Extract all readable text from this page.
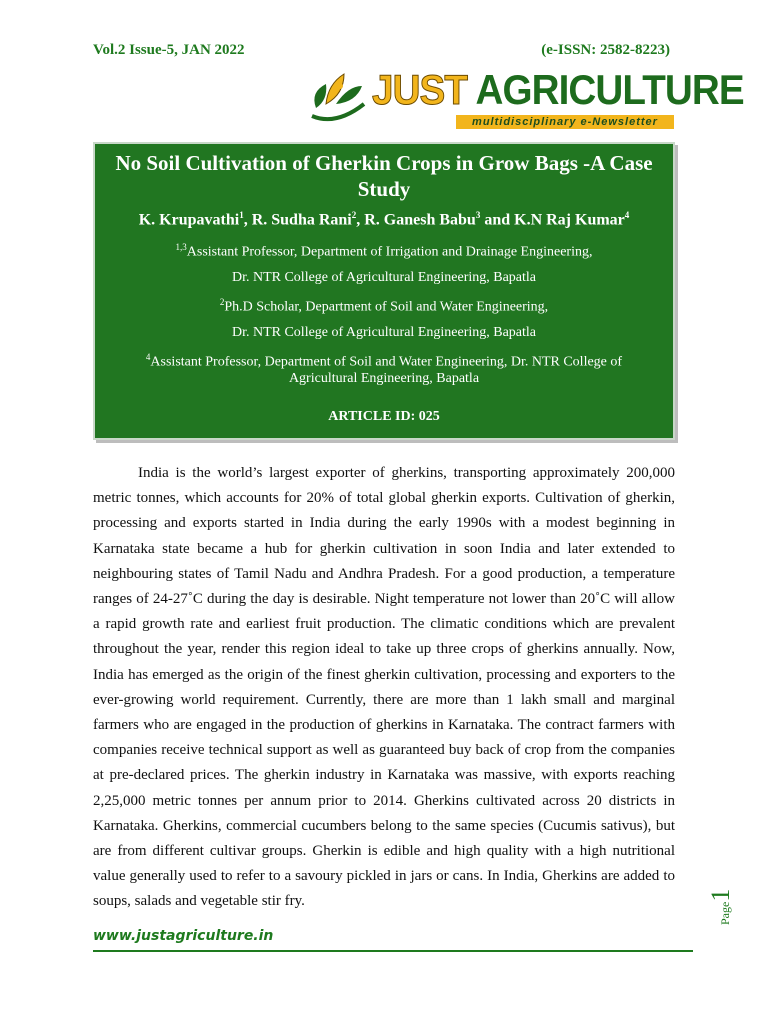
Vol.2 Issue-5, JAN 2022	(e-ISSN: 2582-8223)
JUST AGRICULTURE
multidisciplinary e-Newsletter
No Soil Cultivation of Gherkin Crops in Grow Bags -A Case Study
K. Krupavathi$^1$, R. Sudha Rani$^2$, R. Ganesh Babu$^3$ and K.N Raj Kumar$^4$
$^{1,3}$Assistant Professor, Department of Irrigation and Drainage Engineering,
Dr. NTR College of Agricultural Engineering, Bapatla
$^2$Ph.D Scholar, Department of Soil and Water Engineering,
Dr. NTR College of Agricultural Engineering, Bapatla
$^4$Assistant Professor, Department of Soil and Water Engineering, Dr. NTR College of Agricultural Engineering, Bapatla
ARTICLE ID: 025

India is the world’s largest exporter of gherkins, transporting approximately 200,000 metric tonnes, which accounts for 20% of total global gherkin exports. Cultivation of gherkin, processing and exports started in India during the early 1990s with a modest beginning in Karnataka state became a hub for gherkin cultivation in soon India and later extended to neighbouring states of Tamil Nadu and Andhra Pradesh. For a good production, a temperature ranges of 24-27˚C during the day is desirable. Night temperature not lower than 20˚C will allow a rapid growth rate and earliest fruit production. The climatic conditions which are prevalent throughout the year, render this region ideal to take up three crops of gherkins annually. Now, India has emerged as the origin of the finest gherkin cultivation, processing and exporters to the ever-growing world requirement. Currently, there are more than 1 lakh small and marginal farmers who are engaged in the production of gherkins in Karnataka. The contract farmers with companies receive technical support as well as guaranteed buy back of crop from the companies at pre-declared prices. The gherkin industry in Karnataka was massive, with exports reaching 2,25,000 metric tonnes per annum prior to 2014. Gherkins cultivated across 20 districts in Karnataka. Gherkins, commercial cucumbers belong to the same species (Cucumis sativus), but are from different cultivar groups. Gherkin is edible and high quality with a high nutritional value generally used to refer to a savoury pickled in jars or cans. In India, Gherkins are added to soups, salads and vegetable stir fry.

www.justagriculture.in
Page1
